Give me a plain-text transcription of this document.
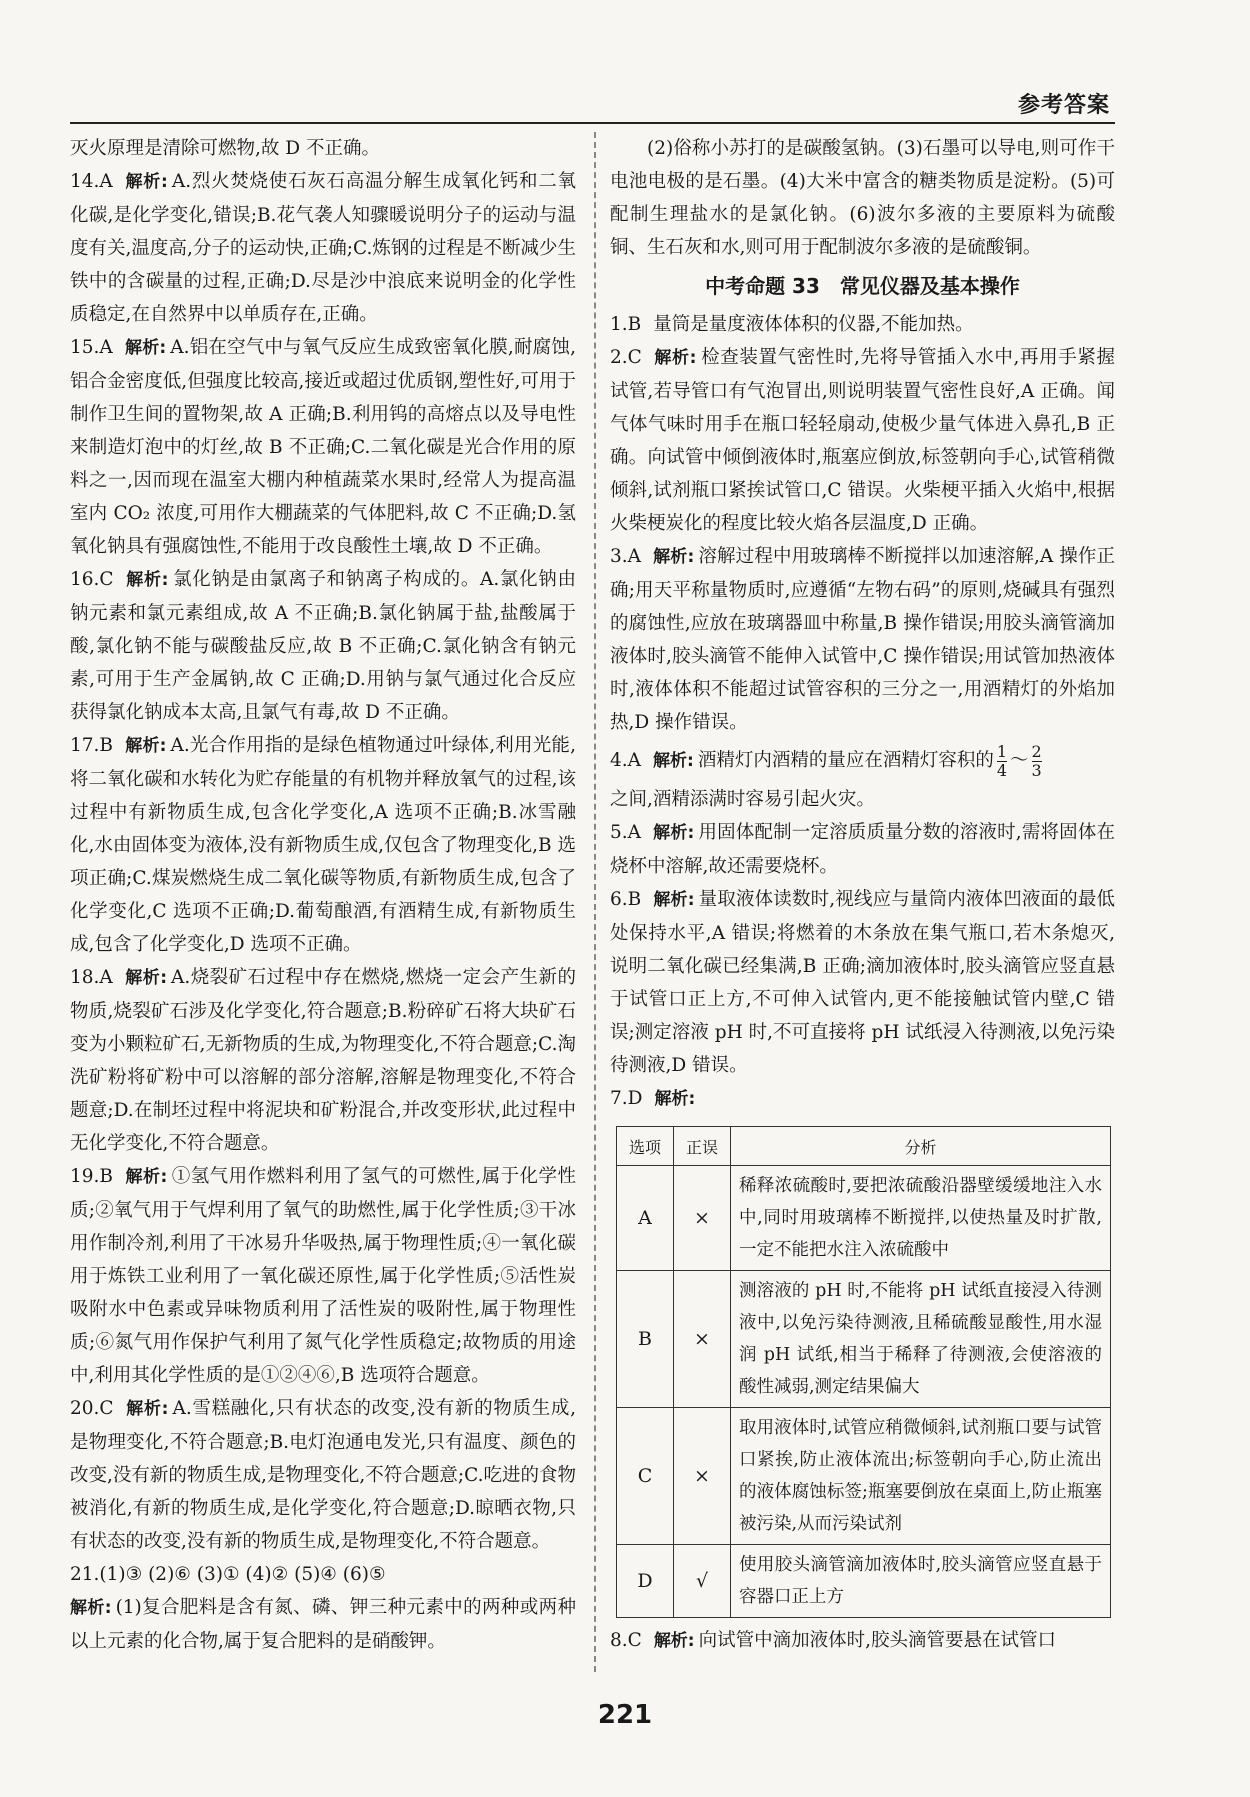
参考答案

灭火原理是清除可燃物,故 D 不正确。

14.A 解析: A.烈火焚烧使石灰石高温分解生成氧化钙和二氧化碳,是化学变化,错误;B.花气袭人知骤暖说明分子的运动与温度有关,温度高,分子的运动快,正确;C.炼钢的过程是不断减少生铁中的含碳量的过程,正确;D.尽是沙中浪底来说明金的化学性质稳定,在自然界中以单质存在,正确。

15.A 解析: A.铝在空气中与氧气反应生成致密氧化膜,耐腐蚀,铝合金密度低,但强度比较高,接近或超过优质钢,塑性好,可用于制作卫生间的置物架,故 A 正确;B.利用钨的高熔点以及导电性来制造灯泡中的灯丝,故 B 不正确;C.二氧化碳是光合作用的原料之一,因而现在温室大棚内种植蔬菜水果时,经常人为提高温室内 CO₂ 浓度,可用作大棚蔬菜的气体肥料,故 C 不正确;D.氢氧化钠具有强腐蚀性,不能用于改良酸性土壤,故 D 不正确。

16.C 解析: 氯化钠是由氯离子和钠离子构成的。A.氯化钠由钠元素和氯元素组成,故 A 不正确;B.氯化钠属于盐,盐酸属于酸,氯化钠不能与碳酸盐反应,故 B 不正确;C.氯化钠含有钠元素,可用于生产金属钠,故 C 正确;D.用钠与氯气通过化合反应获得氯化钠成本太高,且氯气有毒,故 D 不正确。

17.B 解析: A.光合作用指的是绿色植物通过叶绿体,利用光能,将二氧化碳和水转化为贮存能量的有机物并释放氧气的过程,该过程中有新物质生成,包含化学变化,A 选项不正确;B.冰雪融化,水由固体变为液体,没有新物质生成,仅包含了物理变化,B 选项正确;C.煤炭燃烧生成二氧化碳等物质,有新物质生成,包含了化学变化,C 选项不正确;D.葡萄酿酒,有酒精生成,有新物质生成,包含了化学变化,D 选项不正确。

18.A 解析: A.烧裂矿石过程中存在燃烧,燃烧一定会产生新的物质,烧裂矿石涉及化学变化,符合题意;B.粉碎矿石将大块矿石变为小颗粒矿石,无新物质的生成,为物理变化,不符合题意;C.淘洗矿粉将矿粉中可以溶解的部分溶解,溶解是物理变化,不符合题意;D.在制坯过程中将泥块和矿粉混合,并改变形状,此过程中无化学变化,不符合题意。

19.B 解析: ①氢气用作燃料利用了氢气的可燃性,属于化学性质;②氧气用于气焊利用了氧气的助燃性,属于化学性质;③干冰用作制冷剂,利用了干冰易升华吸热,属于物理性质;④一氧化碳用于炼铁工业利用了一氧化碳还原性,属于化学性质;⑤活性炭吸附水中色素或异味物质利用了活性炭的吸附性,属于物理性质;⑥氮气用作保护气利用了氮气化学性质稳定;故物质的用途中,利用其化学性质的是①②④⑥,B 选项符合题意。

20.C 解析: A.雪糕融化,只有状态的改变,没有新的物质生成,是物理变化,不符合题意;B.电灯泡通电发光,只有温度、颜色的改变,没有新的物质生成,是物理变化,不符合题意;C.吃进的食物被消化,有新的物质生成,是化学变化,符合题意;D.晾晒衣物,只有状态的改变,没有新的物质生成,是物理变化,不符合题意。

21.(1)③ (2)⑥ (3)① (4)② (5)④ (6)⑤

解析: (1)复合肥料是含有氮、磷、钾三种元素中的两种或两种以上元素的化合物,属于复合肥料的是硝酸钾。

(2)俗称小苏打的是碳酸氢钠。(3)石墨可以导电,则可作干电池电极的是石墨。(4)大米中富含的糖类物质是淀粉。(5)可配制生理盐水的是氯化钠。(6)波尔多液的主要原料为硫酸铜、生石灰和水,则可用于配制波尔多液的是硫酸铜。

中考命题 33　常见仪器及基本操作

1.B 量筒是量度液体体积的仪器,不能加热。

2.C 解析: 检查装置气密性时,先将导管插入水中,再用手紧握试管,若导管口有气泡冒出,则说明装置气密性良好,A 正确。闻气体气味时用手在瓶口轻轻扇动,使极少量气体进入鼻孔,B 正确。向试管中倾倒液体时,瓶塞应倒放,标签朝向手心,试管稍微倾斜,试剂瓶口紧挨试管口,C 错误。火柴梗平插入火焰中,根据火柴梗炭化的程度比较火焰各层温度,D 正确。

3.A 解析: 溶解过程中用玻璃棒不断搅拌以加速溶解,A 操作正确;用天平称量物质时,应遵循“左物右码”的原则,烧碱具有强烈的腐蚀性,应放在玻璃器皿中称量,B 操作错误;用胶头滴管滴加液体时,胶头滴管不能伸入试管中,C 操作错误;用试管加热液体时,液体体积不能超过试管容积的三分之一,用酒精灯的外焰加热,D 操作错误。

4.A 解析: 酒精灯内酒精的量应在酒精灯容积的 $\frac{1}{4}$ ～ $\frac{2}{3}$

之间,酒精添满时容易引起火灾。

5.A 解析: 用固体配制一定溶质质量分数的溶液时,需将固体在烧杯中溶解,故还需要烧杯。

6.B 解析: 量取液体读数时,视线应与量筒内液体凹液面的最低处保持水平,A 错误;将燃着的木条放在集气瓶口,若木条熄灭,说明二氧化碳已经集满,B 正确;滴加液体时,胶头滴管应竖直悬于试管口正上方,不可伸入试管内,更不能接触试管内壁,C 错误;测定溶液 pH 时,不可直接将 pH 试纸浸入待测液,以免污染待测液,D 错误。

7.D 解析:

选项	正误	分析
A	×	稀释浓硫酸时,要把浓硫酸沿器壁缓缓地注入水中,同时用玻璃棒不断搅拌,以使热量及时扩散,一定不能把水注入浓硫酸中
B	×	测溶液的 pH 时,不能将 pH 试纸直接浸入待测液中,以免污染待测液,且稀硫酸显酸性,用水湿润 pH 试纸,相当于稀释了待测液,会使溶液的酸性减弱,测定结果偏大
C	×	取用液体时,试管应稍微倾斜,试剂瓶口要与试管口紧挨,防止液体流出;标签朝向手心,防止流出的液体腐蚀标签;瓶塞要倒放在桌面上,防止瓶塞被污染,从而污染试剂
D	√	使用胶头滴管滴加液体时,胶头滴管应竖直悬于容器口正上方

8.C 解析: 向试管中滴加液体时,胶头滴管要悬在试管口

221
